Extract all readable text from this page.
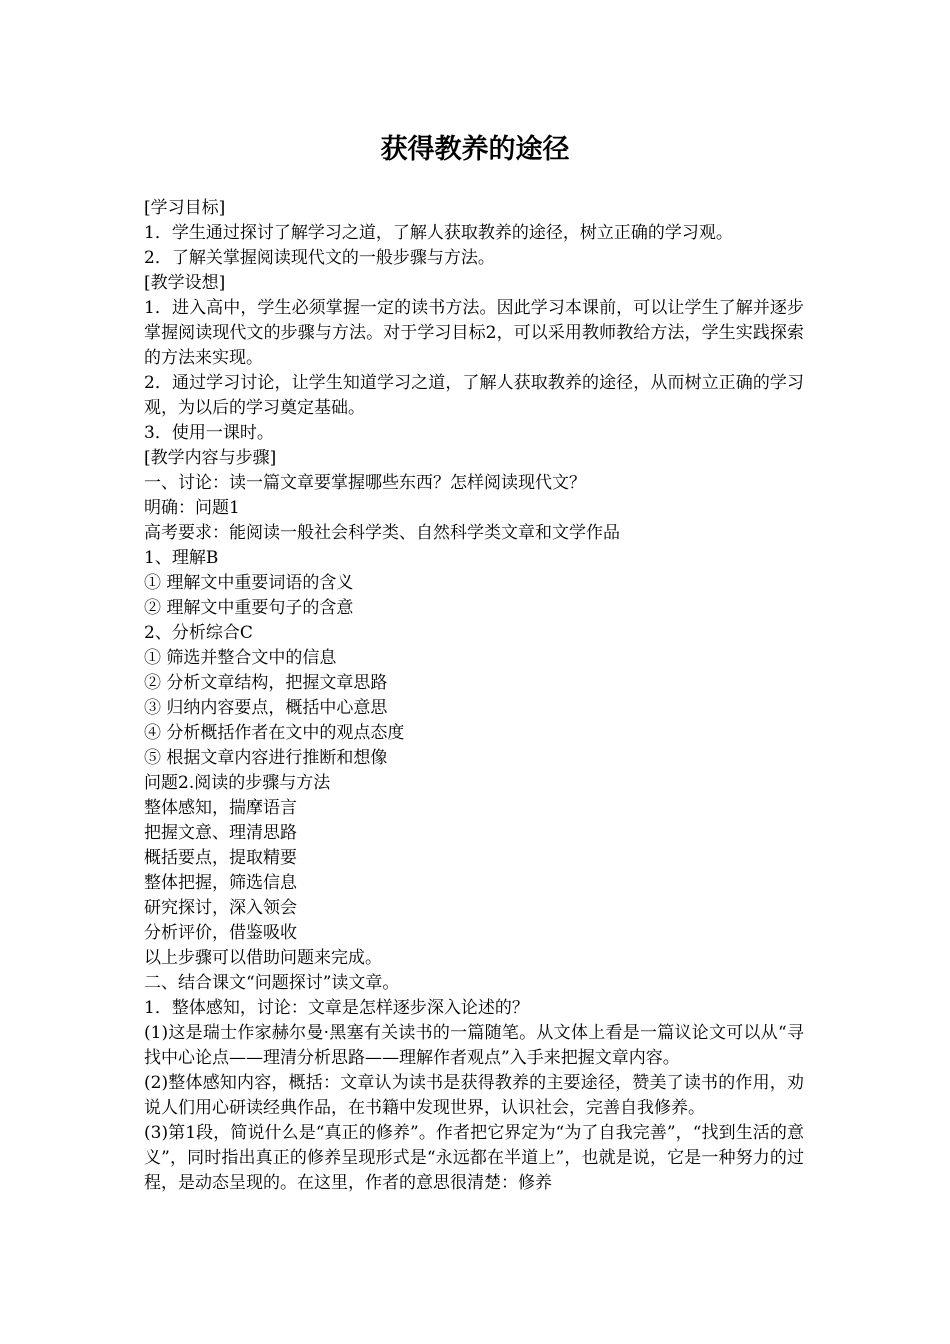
获得教养的途径

[学习目标]

1．学生通过探讨了解学习之道，了解人获取教养的途径，树立正确的学习观。

2．了解关掌握阅读现代文的一般步骤与方法。

[教学设想]

1．进入高中，学生必须掌握一定的读书方法。因此学习本课前，可以让学生了解并逐步掌握阅读现代文的步骤与方法。对于学习目标2，可以采用教师教给方法，学生实践探索的方法来实现。

2．通过学习讨论，让学生知道学习之道，了解人获取教养的途径，从而树立正确的学习观，为以后的学习奠定基础。

3．使用一课时。

[教学内容与步骤]

一、讨论：读一篇文章要掌握哪些东西？怎样阅读现代文？

明确：问题1

高考要求：能阅读一般社会科学类、自然科学类文章和文学作品

1、理解B

① 理解文中重要词语的含义

② 理解文中重要句子的含意

2、分析综合C

① 筛选并整合文中的信息

② 分析文章结构，把握文章思路

③ 归纳内容要点，概括中心意思

④ 分析概括作者在文中的观点态度

⑤ 根据文章内容进行推断和想像

问题2.阅读的步骤与方法

整体感知，揣摩语言

把握文意、理清思路

概括要点，提取精要

整体把握，筛选信息

研究探讨，深入领会

分析评价，借鉴吸收

以上步骤可以借助问题来完成。

二、结合课文“问题探讨”读文章。

1．整体感知，讨论：文章是怎样逐步深入论述的？

(1)这是瑞士作家赫尔曼·黑塞有关读书的一篇随笔。从文体上看是一篇议论文可以从“寻找中心论点——理清分析思路——理解作者观点”入手来把握文章内容。

(2)整体感知内容，概括：文章认为读书是获得教养的主要途径，赞美了读书的作用，劝说人们用心研读经典作品，在书籍中发现世界，认识社会，完善自我修养。

(3)第1段，简说什么是“真正的修养”。作者把它界定为“为了自我完善”，“找到生活的意义”，同时指出真正的修养呈现形式是“永远都在半道上”，也就是说，它是一种努力的过程，是动态呈现的。在这里，作者的意思很清楚：修养
